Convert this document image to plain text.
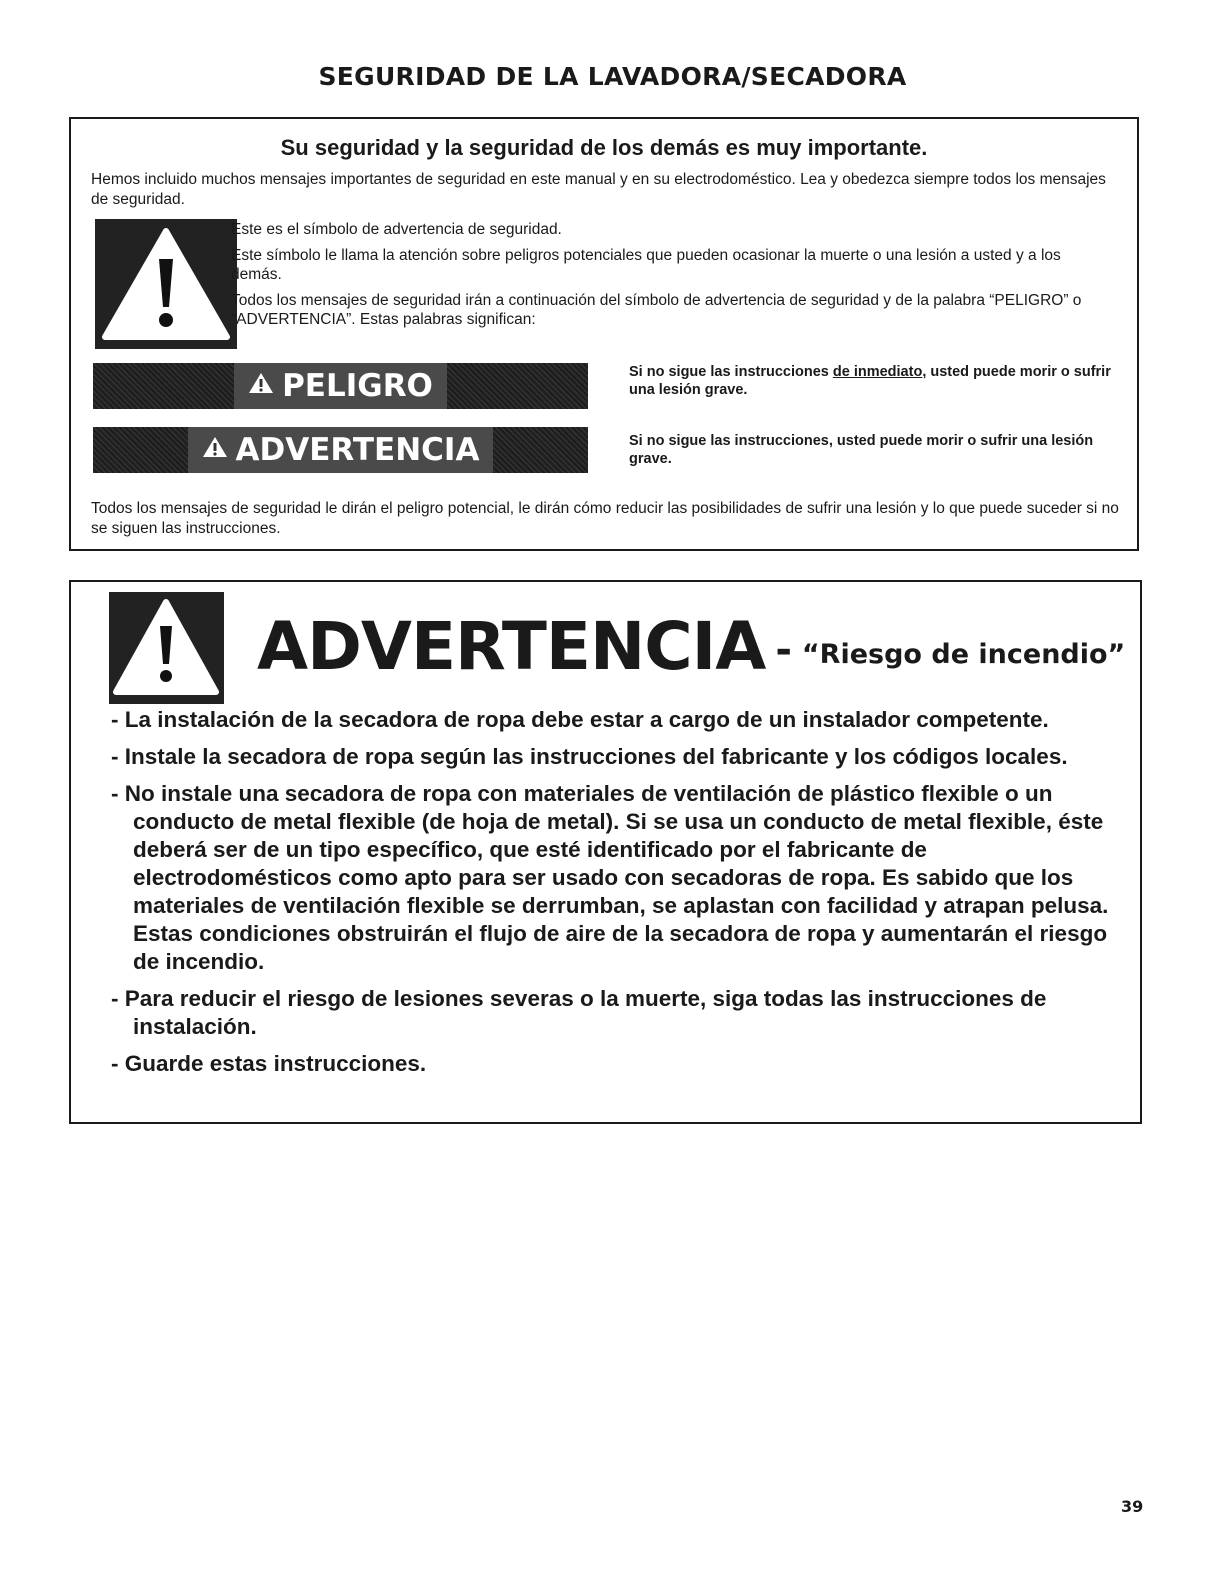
SEGURIDAD DE LA LAVADORA/SECADORA
Su seguridad y la seguridad de los demás es muy importante.
Hemos incluido muchos mensajes importantes de seguridad en este manual y en su electrodoméstico. Lea y obedezca siempre todos los mensajes de seguridad.

Este es el símbolo de advertencia de seguridad.

Este símbolo le llama la atención sobre peligros potenciales que pueden ocasionar la muerte o una lesión a usted y a los demás.

Todos los mensajes de seguridad irán a continuación del símbolo de advertencia de seguridad y de la palabra “PELIGRO” o “ADVERTENCIA”. Estas palabras significan:

PELIGRO	Si no sigue las instrucciones de inmediato, usted puede morir o sufrir una lesión grave.
ADVERTENCIA	Si no sigue las instrucciones, usted puede morir o sufrir una lesión grave.
Todos los mensajes de seguridad le dirán el peligro potencial, le dirán cómo reducir las posibilidades de sufrir una lesión y lo que puede suceder si no se siguen las instrucciones.
ADVERTENCIA - “Riesgo de incendio”
- La instalación de la secadora de ropa debe estar a cargo de un instalador competente.
- Instale la secadora de ropa según las instrucciones del fabricante y los códigos locales.
- No instale una secadora de ropa con materiales de ventilación de plástico flexible o un conducto de metal flexible (de hoja de metal). Si se usa un conducto de metal flexible, éste deberá ser de un tipo específico, que esté identificado por el fabricante de electrodomésticos como apto para ser usado con secadoras de ropa. Es sabido que los materiales de ventilación flexible se derrumban, se aplastan con facilidad y atrapan pelusa. Estas condiciones obstruirán el flujo de aire de la secadora de ropa y aumentarán el riesgo de incendio.
- Para reducir el riesgo de lesiones severas o la muerte, siga todas las instrucciones de instalación.
- Guarde estas instrucciones.
39
